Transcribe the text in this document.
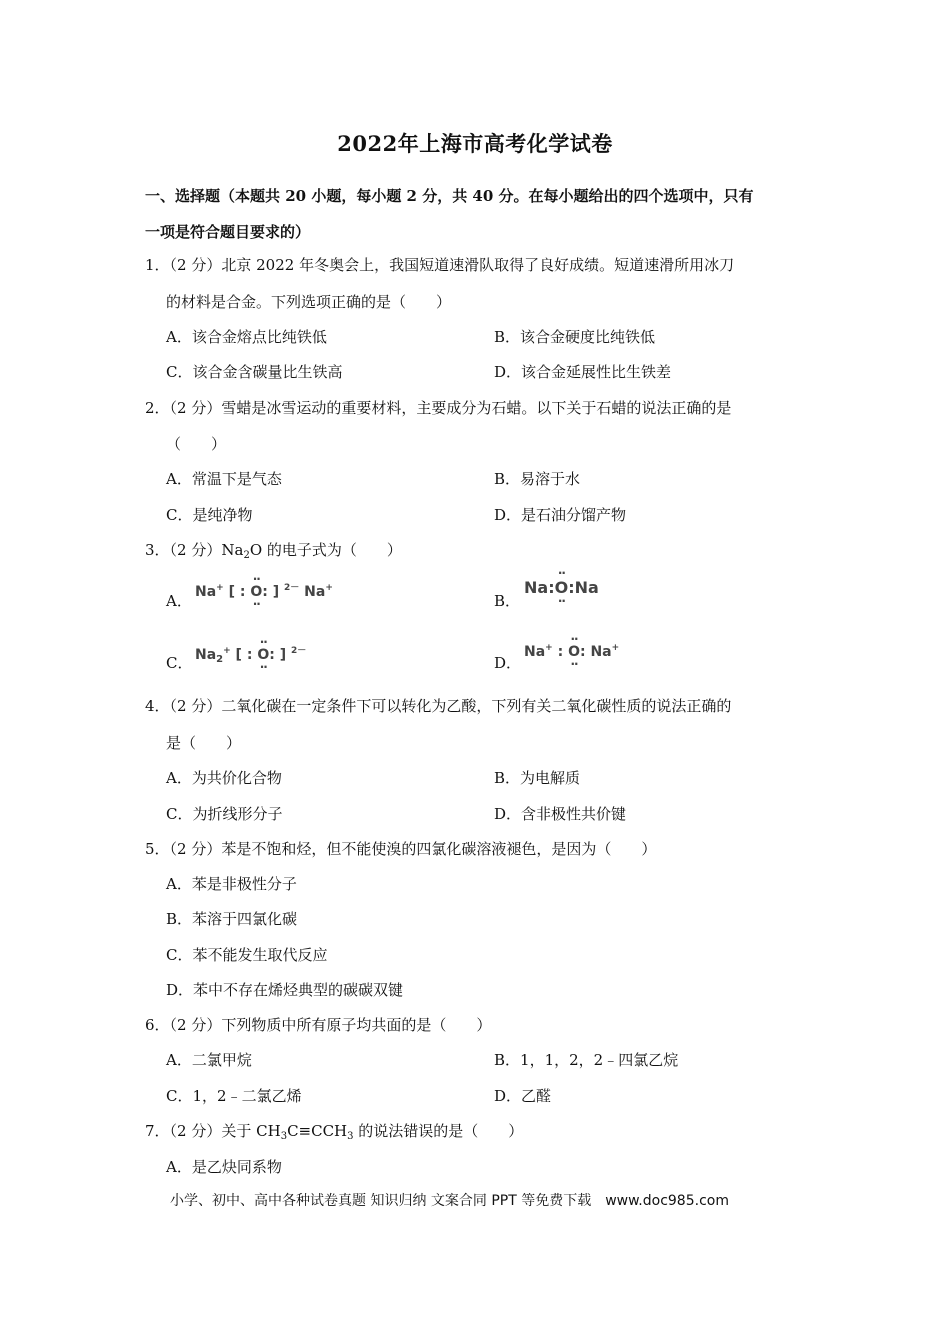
2022年上海市高考化学试卷
一、选择题（本题共 20 小题，每小题 2 分，共 40 分。在每小题给出的四个选项中，只有
一项是符合题目要求的）
1．（2 分）北京 2022 年冬奥会上，我国短道速滑队取得了良好成绩。短道速滑所用冰刀
的材料是合金。下列选项正确的是（　　）
A．该合金熔点比纯铁低	B．该合金硬度比纯铁低
C．该合金含碳量比生铁高	D．该合金延展性比生铁差
2．（2 分）雪蜡是冰雪运动的重要材料，主要成分为石蜡。以下关于石蜡的说法正确的是
（　　）
A．常温下是气态	B．易溶于水
C．是纯净物	D．是石油分馏产物
3．（2 分）$Na_2O$ 的电子式为（　　）
A． Na+ [ : ·· O ··: ] $^{2-}$ Na+
B．
Na:·· O ··:Na
C． $Na_2^+$ [ : ·· O ··: ] $^{2-}$
D．
Na+ : ·· O ··: Na+
4．（2 分）二氧化碳在一定条件下可以转化为乙酸，下列有关二氧化碳性质的说法正确的
是（　　）
A．为共价化合物	B．为电解质
C．为折线形分子	D．含非极性共价键
5．（2 分）苯是不饱和烃，但不能使溴的四氯化碳溶液褪色，是因为（　　）
A．苯是非极性分子
B．苯溶于四氯化碳
C．苯不能发生取代反应
D．苯中不存在烯烃典型的碳碳双键
6．（2 分）下列物质中所有原子均共面的是（　　）
A．二氯甲烷	B．1，1，2，2﹣四氯乙烷
C．1，2﹣二氯乙烯	D．乙醛
7．（2 分）关于 $CH_3C\equiv CCH_3$ 的说法错误的是（　　）
A．是乙炔同系物
小学、初中、高中各种试卷真题 知识归纳 文案合同 PPT 等免费下载　www.doc985.com
